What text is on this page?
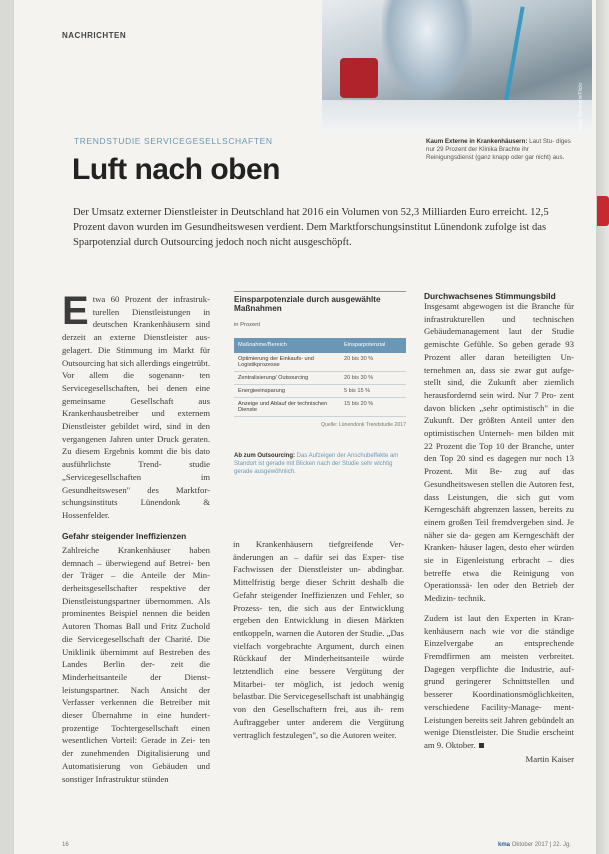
NACHRICHTEN
Foto: Trendsitiv/Flickr
Kaum Externe in Krankenhäusern: Laut Stu- diges nur 29 Prozent der Klinika Brachte ihr Reinigungsdienst (ganz knapp oder gar nicht) aus.
TRENDSTUDIE SERVICEGESELLSCHAFTEN
Luft nach oben
Der Umsatz externer Dienstleister in Deutschland hat 2016 ein Volumen von 52,3 Milliarden Euro erreicht. 12,5 Prozent davon wurden im Gesundheitswesen verdient. Dem Marktforschungsinstitut Lünendonk zufolge ist das Sparpotenzial durch Outsourcing jedoch noch nicht ausgeschöpft.
E twa 60 Prozent der infrastruk- turellen Dienstleistungen in deutschen Krankenhäusern sind derzeit an externe Dienstleister aus- gelagert. Die Stimmung im Markt für Outsourcing hat sich allerdings eingetrübt. Vor allem die sogenann- ten Servicegesellschaften, bei denen eine gemeinsame Gesellschaft aus Krankenhausbetreiber und externem Dienstleister gebildet wird, sind in den vergangenen Jahren unter Druck geraten. Zu diesem Ergebnis kommt die bis dato ausführlichste Trend- studie „Servicegesellschaften im Gesundheitswesen" des Marktfor- schungsinstituts Lünendonk & Hossenfelder.

Gefahr steigender Ineffizienzen

Zahlreiche Krankenhäuser haben demnach – überwiegend auf Betrei- ben der Träger – die Anteile der Min- derheitsgesellschafter respektive der Dienstleistungspartner übernommen. Als prominentes Beispiel nennen die beiden Autoren Thomas Ball und Fritz Zuchold die Servicegesellschaft der Charité. Die Uniklinik übernimmt auf Bestreben des Landes Berlin der- zeit die Minderheitsanteile der Dienst- leistungspartner. Nach Ansicht der Verfasser verkennen die Betreiber mit dieser Übernahme in eine hundert- prozentige Tochtergesellschaft einen wesentlichen Vorteil: Gerade in Zei- ten der zunehmenden Digitalisierung und Automatisierung von Gebäuden und sonstiger Infrastruktur stünden

Einsparpotenziale durch ausgewählte Maßnahmen
in Prozent
Maßnahme/Bereich	Einsparpotenzial
Optimierung der Einkaufs- und Logistikprozesse	20 bis 30 %
Zentralisierung/ Outsourcing	20 bis 30 %
Energieeinsparung	5 bis 15 %
Anzeige und Ablauf der technischen Dienste	15 bis 20 %
Quelle: Lünendonk Trendstudie 2017
Ab zum Outsourcing: Das Aufzeigen der Anschubeffekte am Standort ist gerade mit Blicken nach der Studie sehr wichtig gerade ausgewöhnlich.

in Krankenhäusern tiefgreifende Ver- änderungen an – dafür sei das Exper- tise Fachwissen der Dienstleister un- abdingbar. Mittelfristig berge dieser Schritt deshalb die Gefahr steigender Ineffizienzen und Fehler, so Prozess- ten, die sich aus der Entwicklung ergeben den Entwicklung in diesen Märkten entkoppeln, warnen die Autoren der Studie. „Das vielfach vorgebrachte Argument, durch einen Rückkauf der Minderheitsanteile würde letztendlich eine bessere Vergütung der Mitarbei- ter möglich, ist jedoch wenig belastbar. Die Servicegesellschaft ist unabhängig von den Gesellschaftern frei, aus ih- rem Auftraggeber unter anderem die Vergütung vertraglich festzulegen", so die Autoren weiter.

Durchwachsenes Stimmungsbild

Insgesamt abgewogen ist die Branche für infrastrukturellen und technischen Gebäudemanagement laut der Studie gemischte Gefühle. So geben gerade 93 Prozent aller daran beteiligten Un- ternehmen an, dass sie zwar gut aufge- stellt sind, die Zukunft aber ziemlich herausfordernd sein wird. Nur 7 Pro- zent davon blicken „sehr optimistisch" in die Zukunft. Der größten Anteil unter den optimistischen Unterneh- men bilden mit 22 Prozent die Top 10 der Branche, unter den Top 20 sind es dagegen nur noch 13 Prozent. Mit Be- zug auf das Gesundheitswesen stellen die Autoren fest, dass Leistungen, die sich gut vom Kerngeschäft abgrenzen lassen, bereits zu einem großen Teil fremdvergeben sind. Je näher sie da- gegen am Kerngeschäft der Kranken- häuser lagen, desto eher würden sie in Eigenleistung erbracht – dies betreffe etwa die Reinigung von Operationssä- len oder den Betrieb der Medizin- technik.

Zudem ist laut den Experten in Kran- kenhäusern nach wie vor die ständige Einzelvergabe an entsprechende Fremdfirmen am meisten verbreitet. Dagegen verpflichte die Industrie, auf- grund geringerer Schnittstellen und besserer Koordinationsmöglichkeiten, verschiedene Facility-Manage- ment-Leistungen bereits seit Jahren gebündelt an wenige Dienstleister. Die Studie erscheint am 9. Oktober.

Martin Kaiser

16	kma Oktober 2017 | 22. Jg.
